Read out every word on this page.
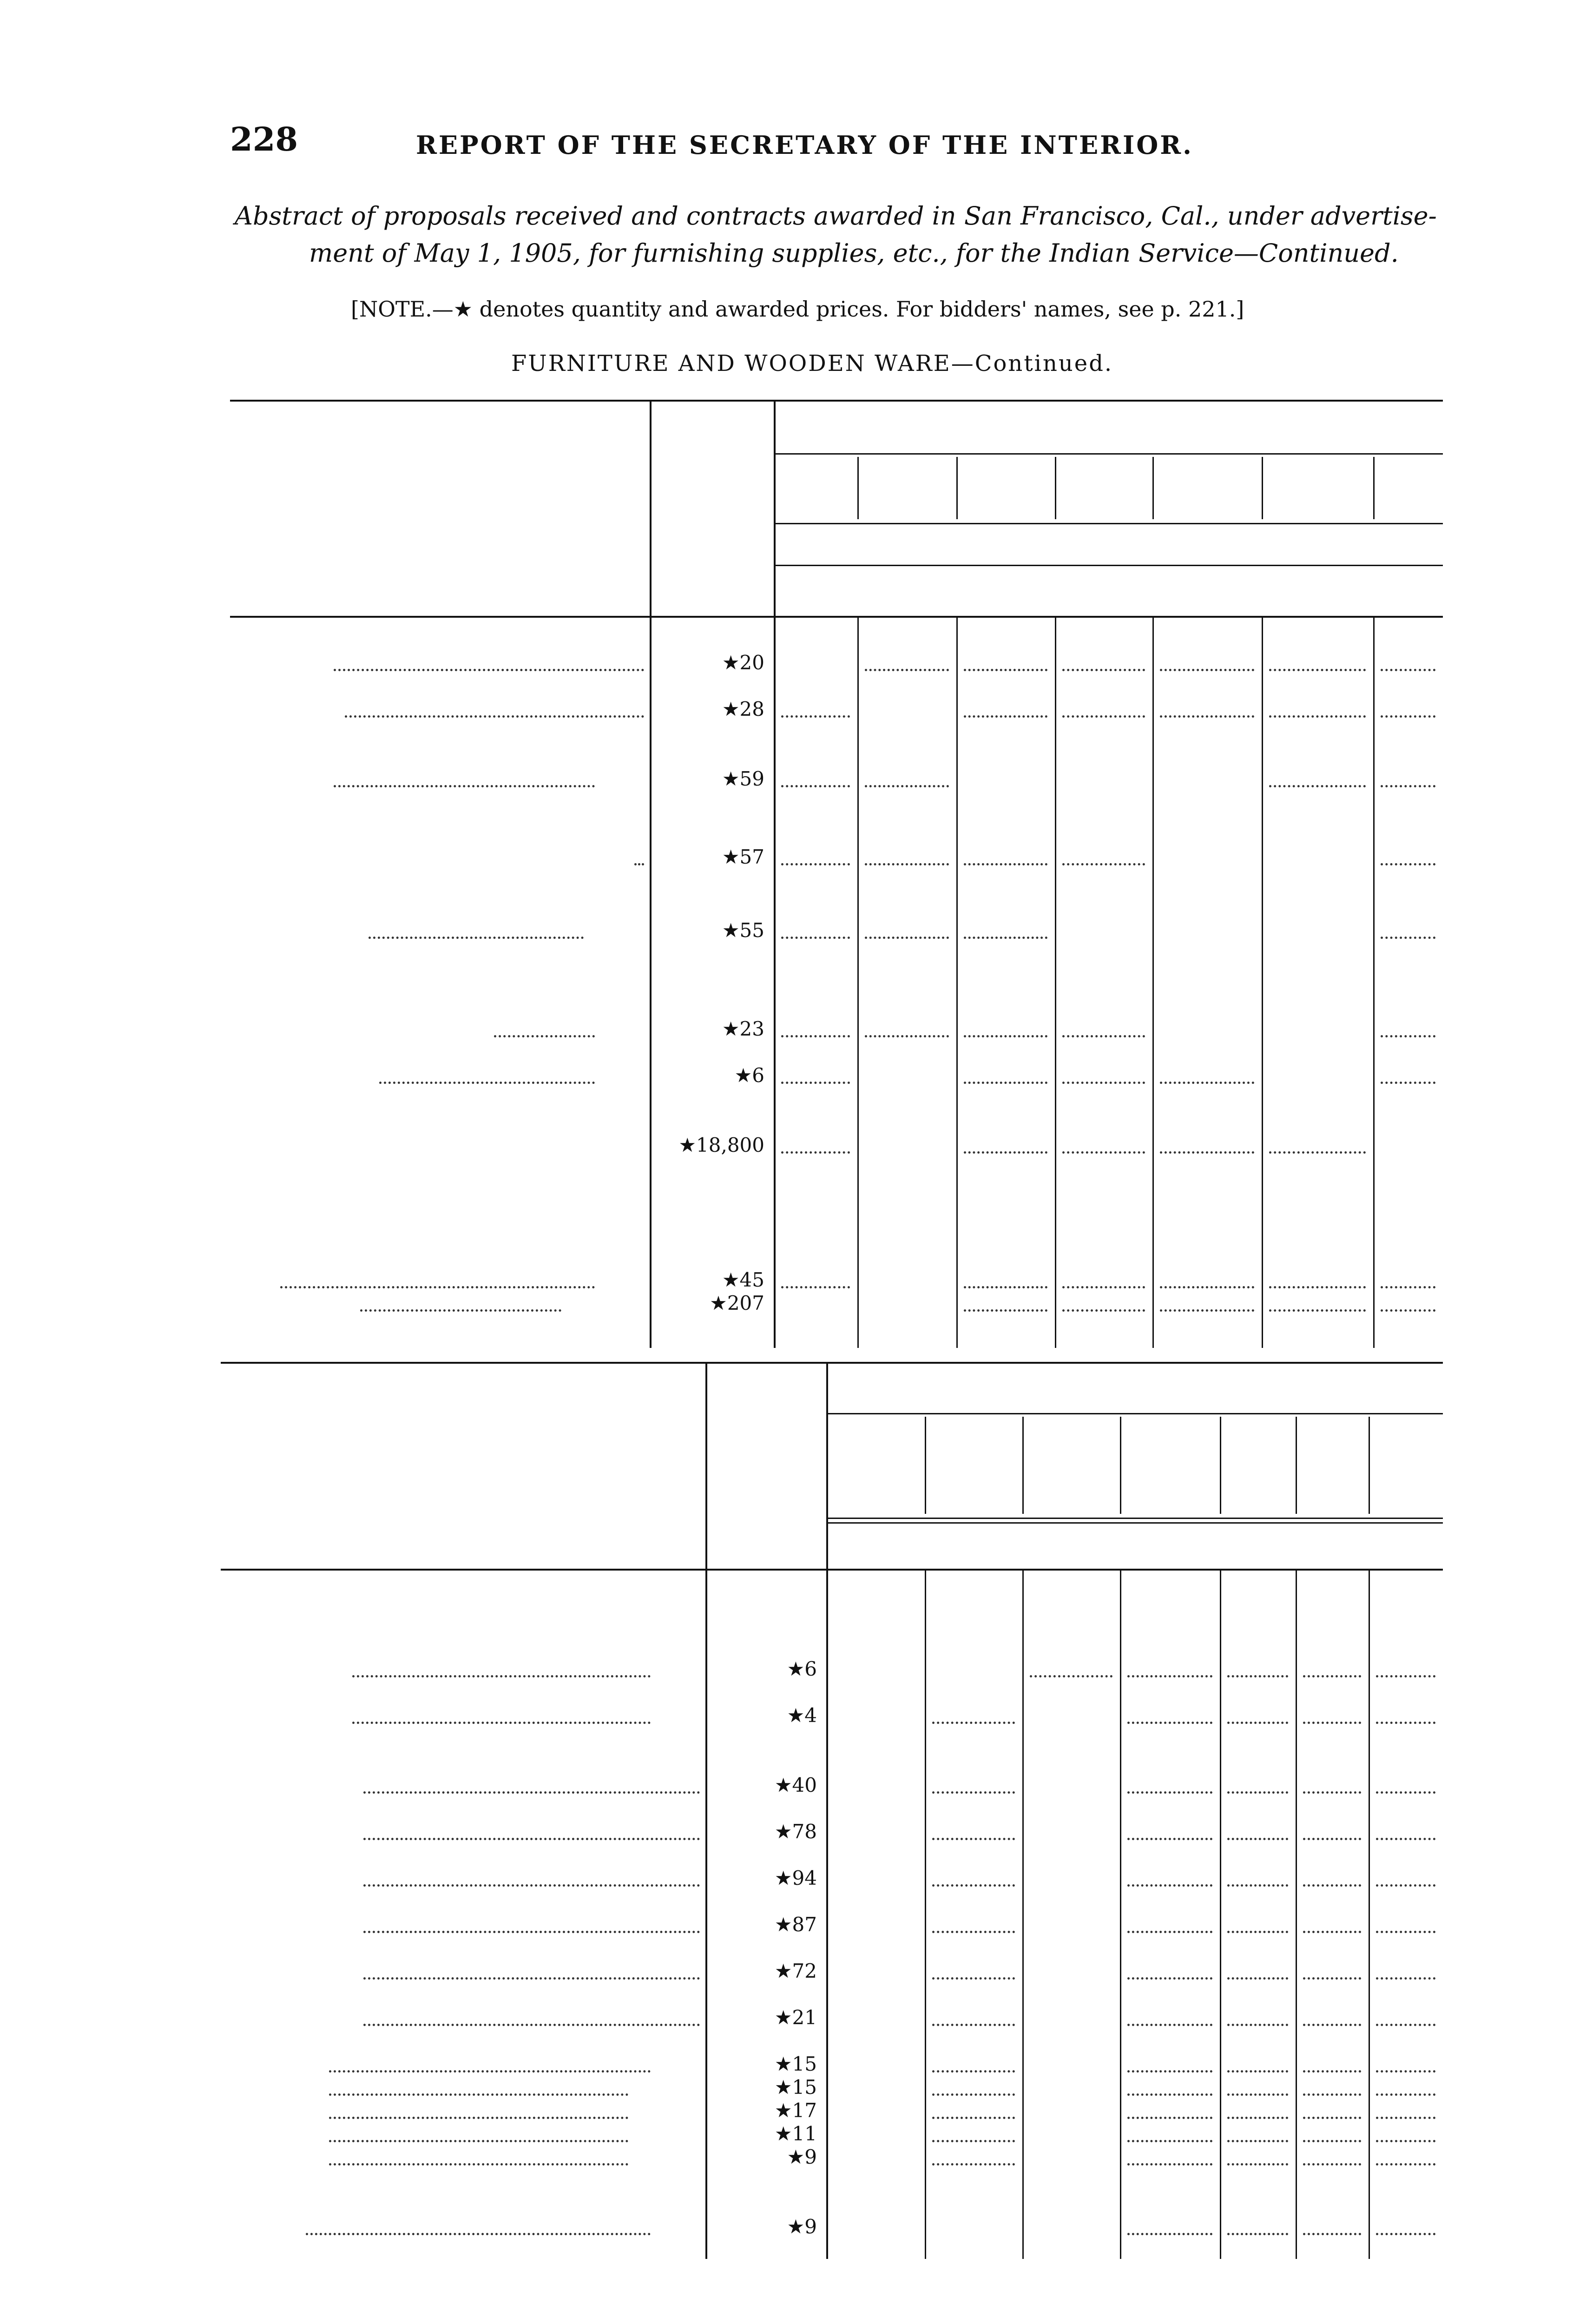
228	REPORT OF THE SECRETARY OF THE INTERIOR.
Abstract of proposals received and contracts awarded in San Francisco, Cal., under advertise-
ment of May 1, 1905, for furnishing supplies, etc., for the Indian Service—Continued.
[NOTE.—★ denotes quantity and awarded prices. For bidders' names, see p. 221.]
FURNITURE AND WOODEN WARE—Continued.
★20
★28
★59
★57
★55
★23
★6
★18,800
★45
★207
★6
★4
★40
★78
★94
★87
★72
★21
★15
★15
★17
★11
★9
★9
